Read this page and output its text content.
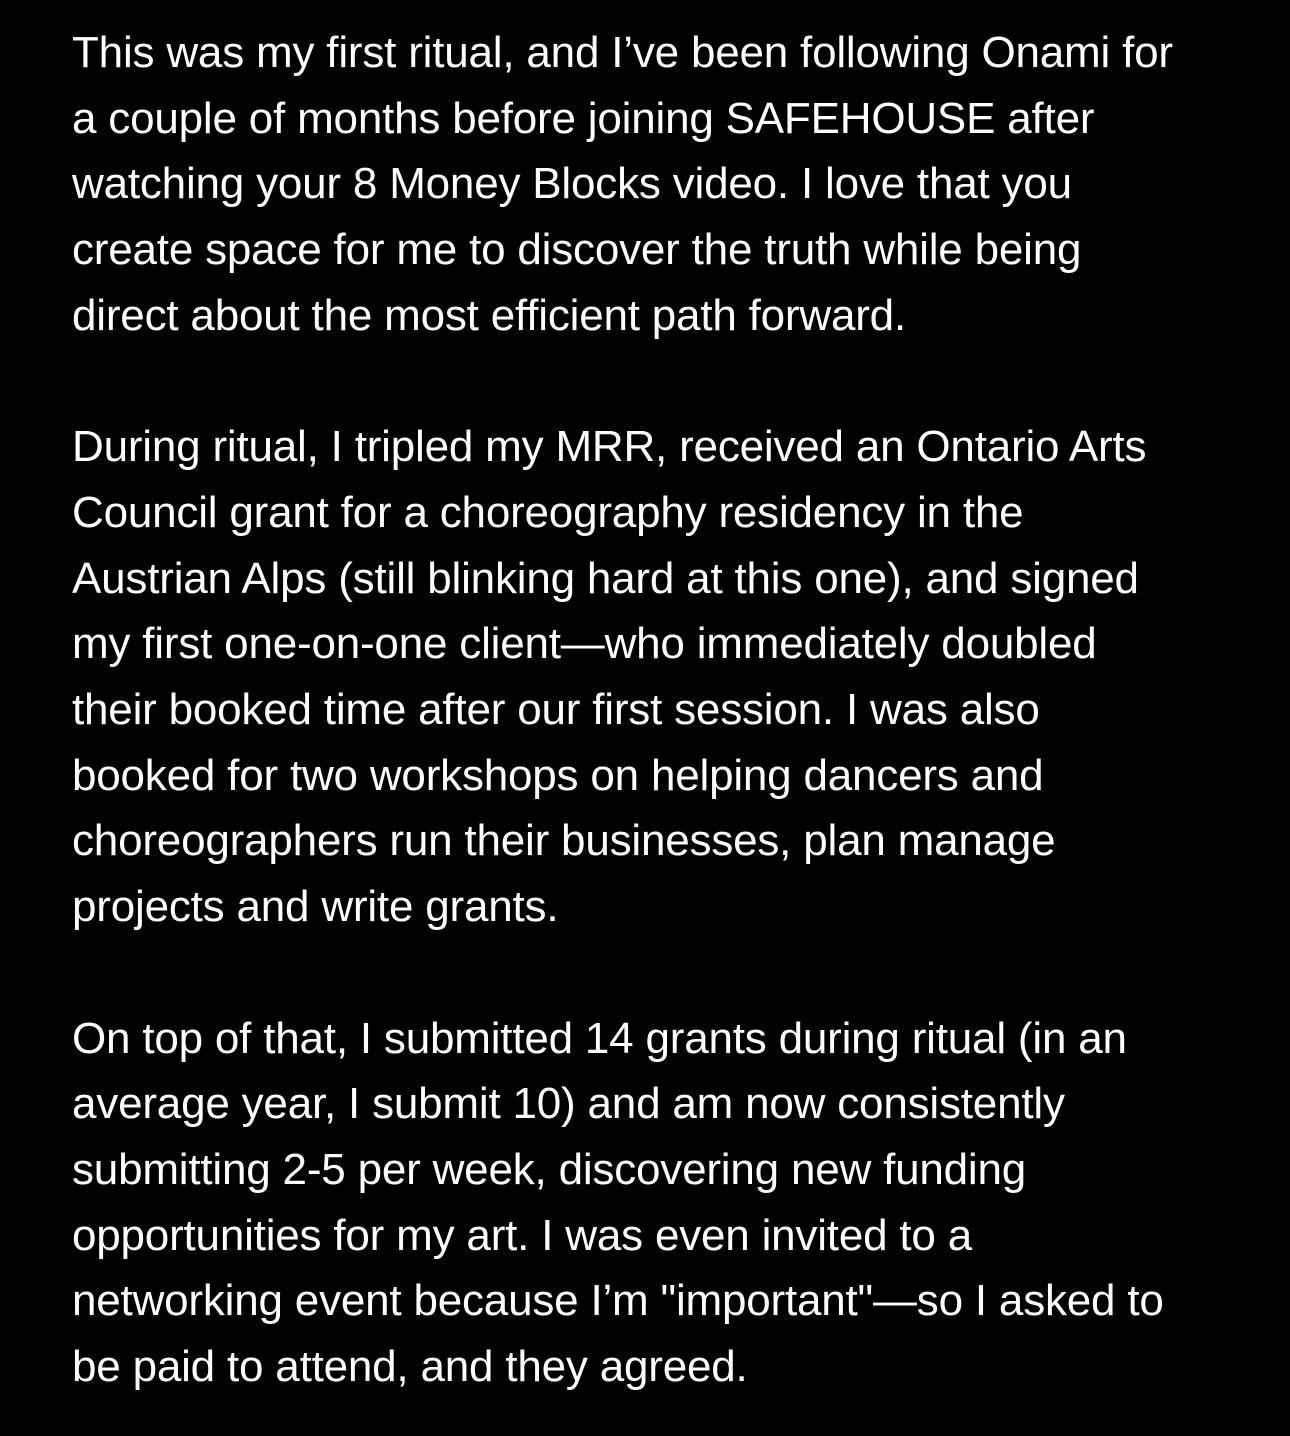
This was my first ritual, and I’ve been following Onami for
a couple of months before joining SAFEHOUSE after
watching your 8 Money Blocks video. I love that you
create space for me to discover the truth while being
direct about the most efficient path forward.

During ritual, I tripled my MRR, received an Ontario Arts
Council grant for a choreography residency in the
Austrian Alps (still blinking hard at this one), and signed
my first one-on-one client—who immediately doubled
their booked time after our first session. I was also
booked for two workshops on helping dancers and
choreographers run their businesses, plan manage
projects and write grants.

On top of that, I submitted 14 grants during ritual (in an
average year, I submit 10) and am now consistently
submitting 2-5 per week, discovering new funding
opportunities for my art. I was even invited to a
networking event because I’m "important"—so I asked to
be paid to attend, and they agreed.
